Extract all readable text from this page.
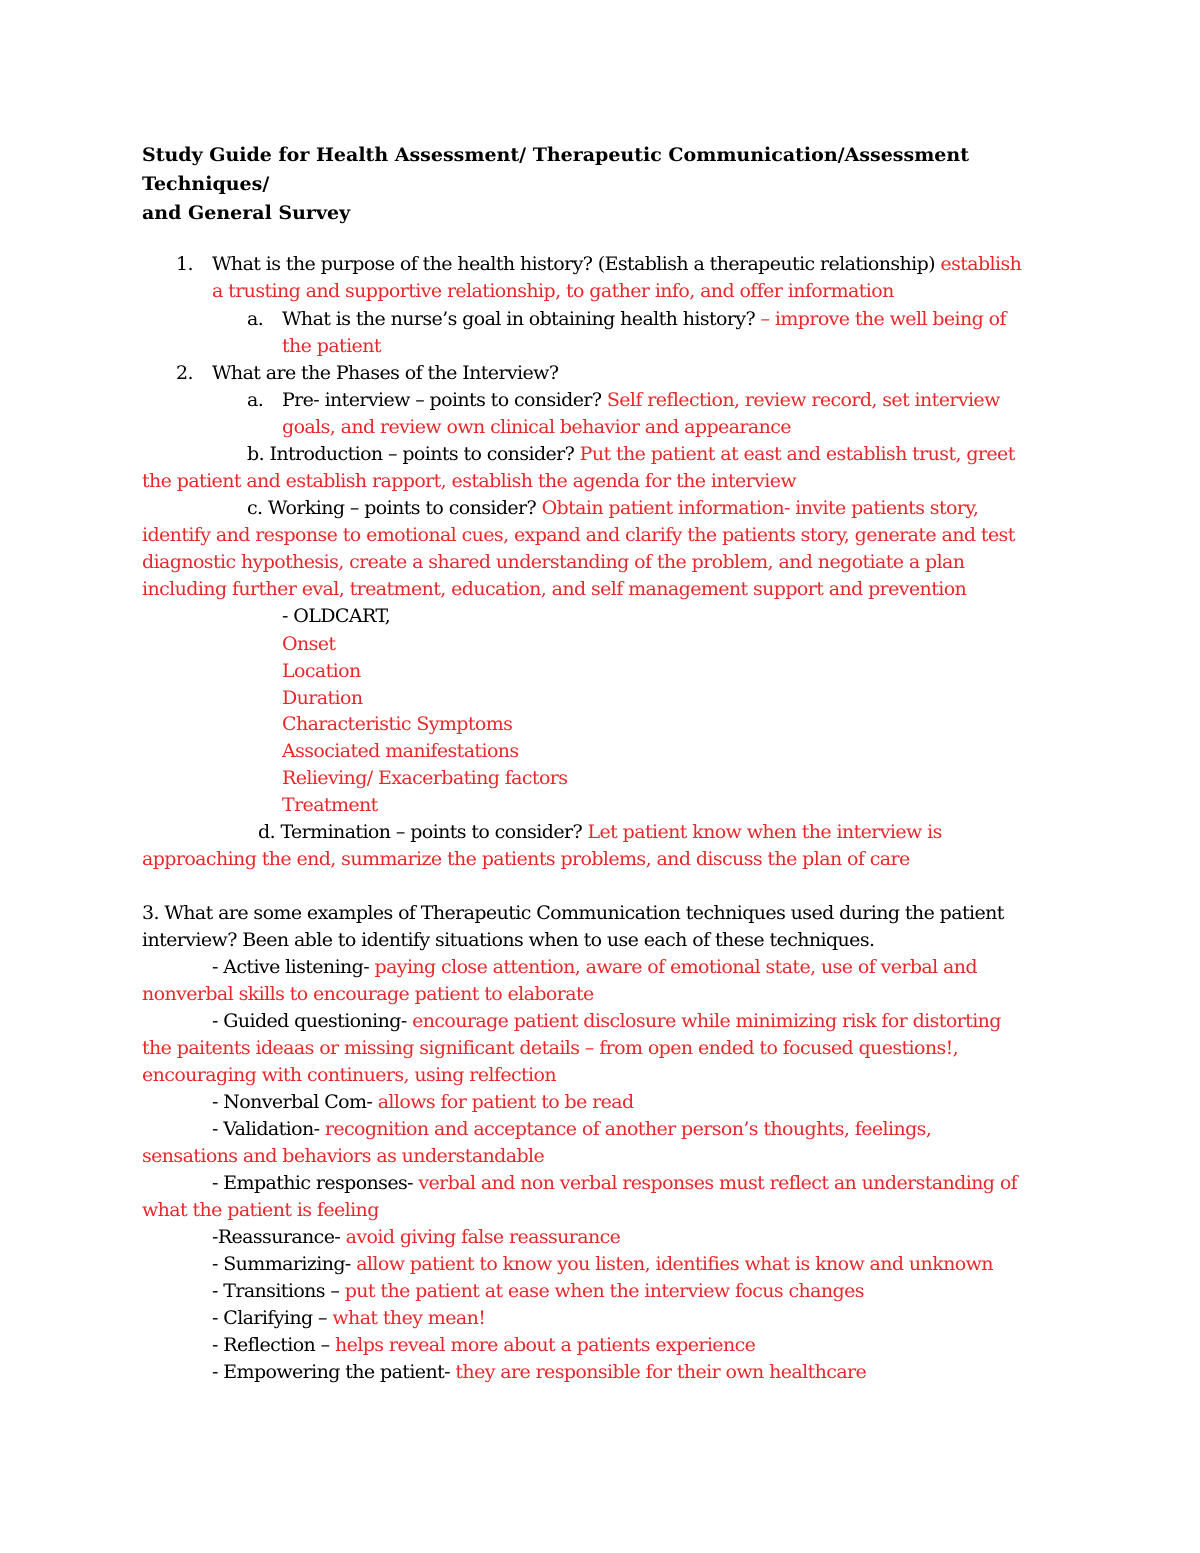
Study Guide for Health Assessment/ Therapeutic Communication/Assessment Techniques/
and General Survey
1. What is the purpose of the health history? (Establish a therapeutic relationship) establish
a trusting and supportive relationship, to gather info, and offer information
a. What is the nurse’s goal in obtaining health history? – improve the well being of
the patient
2. What are the Phases of the Interview?
a. Pre- interview – points to consider? Self reflection, review record, set interview
goals, and review own clinical behavior and appearance
b. Introduction – points to consider? Put the patient at east and establish trust, greet
the patient and establish rapport, establish the agenda for the interview
c. Working – points to consider? Obtain patient information- invite patients story,
identify and response to emotional cues, expand and clarify the patients story, generate and test
diagnostic hypothesis, create a shared understanding of the problem, and negotiate a plan
including further eval, treatment, education, and self management support and prevention
- OLDCART,
Onset
Location
Duration
Characteristic Symptoms
Associated manifestations
Relieving/ Exacerbating factors
Treatment
d. Termination – points to consider? Let patient know when the interview is
approaching the end, summarize the patients problems, and discuss the plan of care
3. What are some examples of Therapeutic Communication techniques used during the patient
interview? Been able to identify situations when to use each of these techniques.
- Active listening- paying close attention, aware of emotional state, use of verbal and
nonverbal skills to encourage patient to elaborate
- Guided questioning- encourage patient disclosure while minimizing risk for distorting
the paitents ideaas or missing significant details – from open ended to focused questions!,
encouraging with continuers, using relfection
- Nonverbal Com- allows for patient to be read
- Validation- recognition and acceptance of another person’s thoughts, feelings,
sensations and behaviors as understandable
- Empathic responses- verbal and non verbal responses must reflect an understanding of
what the patient is feeling
-Reassurance- avoid giving false reassurance
- Summarizing- allow patient to know you listen, identifies what is know and unknown
- Transitions – put the patient at ease when the interview focus changes
- Clarifying – what they mean!
- Reflection – helps reveal more about a patients experience
- Empowering the patient- they are responsible for their own healthcare
